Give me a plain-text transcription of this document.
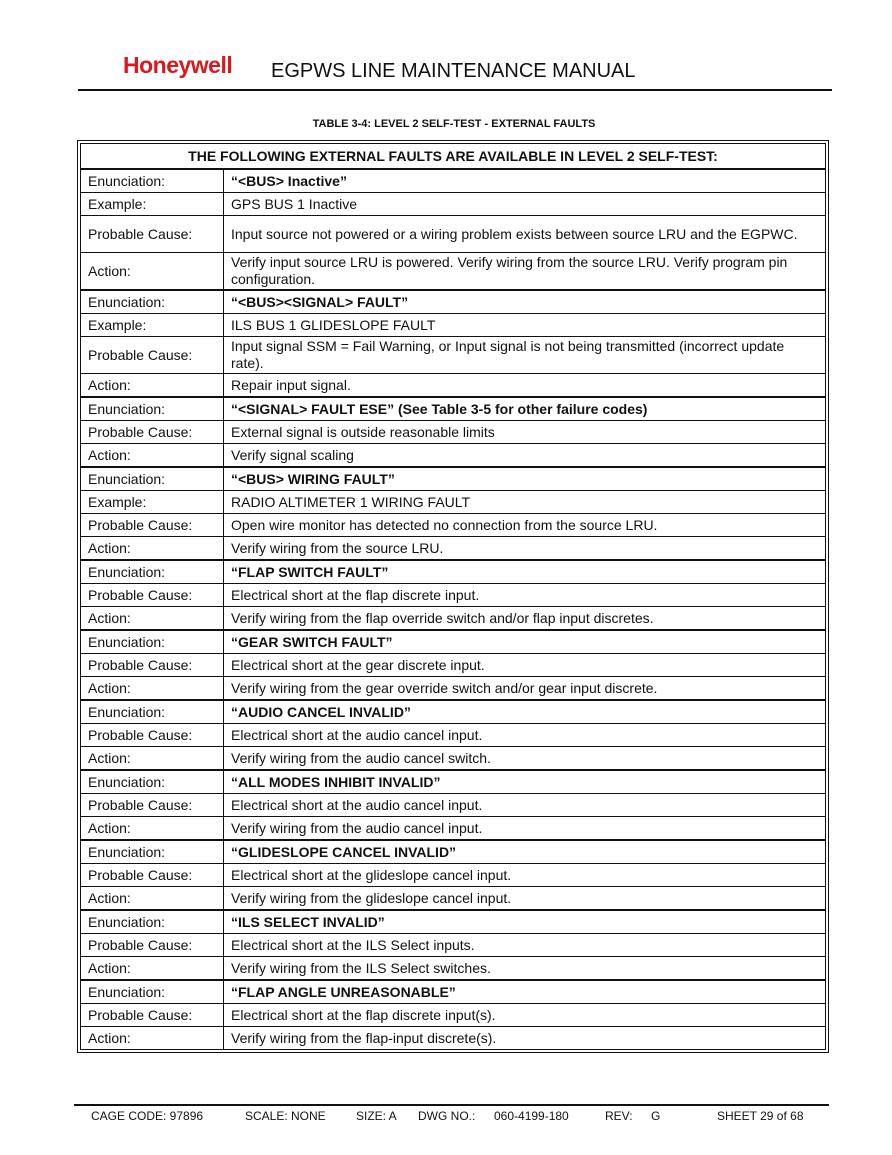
Honeywell EGPWS LINE MAINTENANCE MANUAL
TABLE 3-4: LEVEL 2 SELF-TEST - EXTERNAL FAULTS
THE FOLLOWING EXTERNAL FAULTS ARE AVAILABLE IN LEVEL 2 SELF-TEST:	
Enunciation:	“<BUS> Inactive”
Example:	GPS BUS 1 Inactive
Probable Cause:	Input source not powered or a wiring problem exists between source LRU and the EGPWC.
Action:	Verify input source LRU is powered. Verify wiring from the source LRU. Verify program pin configuration.
Enunciation:	“<BUS><SIGNAL> FAULT”
Example:	ILS BUS 1 GLIDESLOPE FAULT
Probable Cause:	Input signal SSM = Fail Warning, or Input signal is not being transmitted (incorrect update rate).
Action:	Repair input signal.
Enunciation:	“<SIGNAL> FAULT ESE” (See Table 3-5 for other failure codes)
Probable Cause:	External signal is outside reasonable limits
Action:	Verify signal scaling
Enunciation:	“<BUS> WIRING FAULT”
Example:	RADIO ALTIMETER 1 WIRING FAULT
Probable Cause:	Open wire monitor has detected no connection from the source LRU.
Action:	Verify wiring from the source LRU.
Enunciation:	“FLAP SWITCH FAULT”
Probable Cause:	Electrical short at the flap discrete input.
Action:	Verify wiring from the flap override switch and/or flap input discretes.
Enunciation:	“GEAR SWITCH FAULT”
Probable Cause:	Electrical short at the gear discrete input.
Action:	Verify wiring from the gear override switch and/or gear input discrete.
Enunciation:	“AUDIO CANCEL INVALID”
Probable Cause:	Electrical short at the audio cancel input.
Action:	Verify wiring from the audio cancel switch.
Enunciation:	“ALL MODES INHIBIT INVALID”
Probable Cause:	Electrical short at the audio cancel input.
Action:	Verify wiring from the audio cancel input.
Enunciation:	“GLIDESLOPE CANCEL INVALID”
Probable Cause:	Electrical short at the glideslope cancel input.
Action:	Verify wiring from the glideslope cancel input.
Enunciation:	“ILS SELECT INVALID”
Probable Cause:	Electrical short at the ILS Select inputs.
Action:	Verify wiring from the ILS Select switches.
Enunciation:	“FLAP ANGLE UNREASONABLE”
Probable Cause:	Electrical short at the flap discrete input(s).
Action:	Verify wiring from the flap-input discrete(s).
CAGE CODE: 97896	SCALE: NONE	SIZE: A DWG NO.: 060-4199-180	REV: G	SHEET 29 of 68
